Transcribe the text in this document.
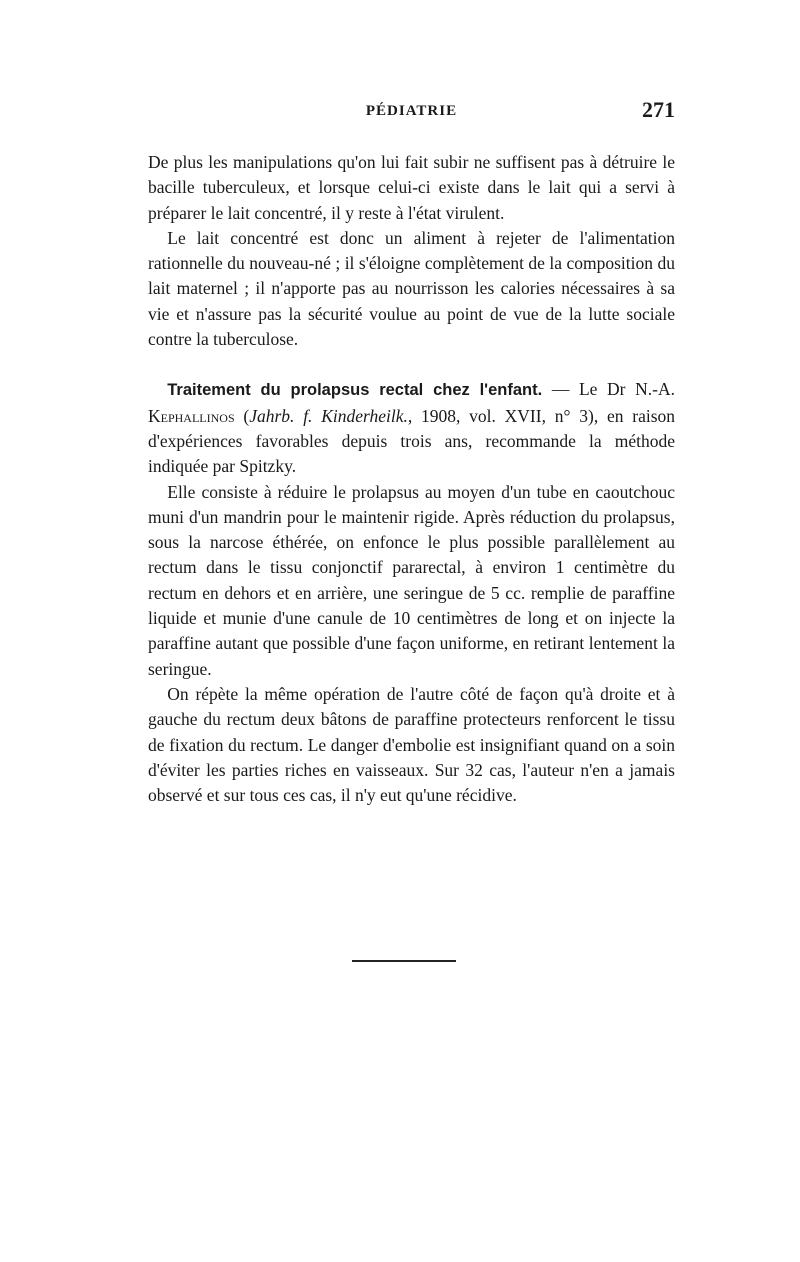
PÉDIATRIE	271

De plus les manipulations qu'on lui fait subir ne suffisent pas à détruire le bacille tuberculeux, et lorsque celui-ci existe dans le lait qui a servi à préparer le lait concentré, il y reste à l'état virulent.

Le lait concentré est donc un aliment à rejeter de l'alimentation rationnelle du nouveau-né ; il s'éloigne complètement de la composition du lait maternel ; il n'apporte pas au nourrisson les calories nécessaires à sa vie et n'assure pas la sécurité voulue au point de vue de la lutte sociale contre la tuberculose.

Traitement du prolapsus rectal chez l'enfant. — Le Dr N.-A. Kephallinos (Jahrb. f. Kinderheilk., 1908, vol. XVII, n° 3), en raison d'expériences favorables depuis trois ans, recommande la méthode indiquée par Spitzky.

Elle consiste à réduire le prolapsus au moyen d'un tube en caoutchouc muni d'un mandrin pour le maintenir rigide. Après réduction du prolapsus, sous la narcose éthérée, on enfonce le plus possible parallèlement au rectum dans le tissu conjonctif pararectal, à environ 1 centimètre du rectum en dehors et en arrière, une seringue de 5 cc. remplie de paraffine liquide et munie d'une canule de 10 centimètres de long et on injecte la paraffine autant que possible d'une façon uniforme, en retirant lentement la seringue.

On répète la même opération de l'autre côté de façon qu'à droite et à gauche du rectum deux bâtons de paraffine protecteurs renforcent le tissu de fixation du rectum. Le danger d'embolie est insignifiant quand on a soin d'éviter les parties riches en vaisseaux. Sur 32 cas, l'auteur n'en a jamais observé et sur tous ces cas, il n'y eut qu'une récidive.
